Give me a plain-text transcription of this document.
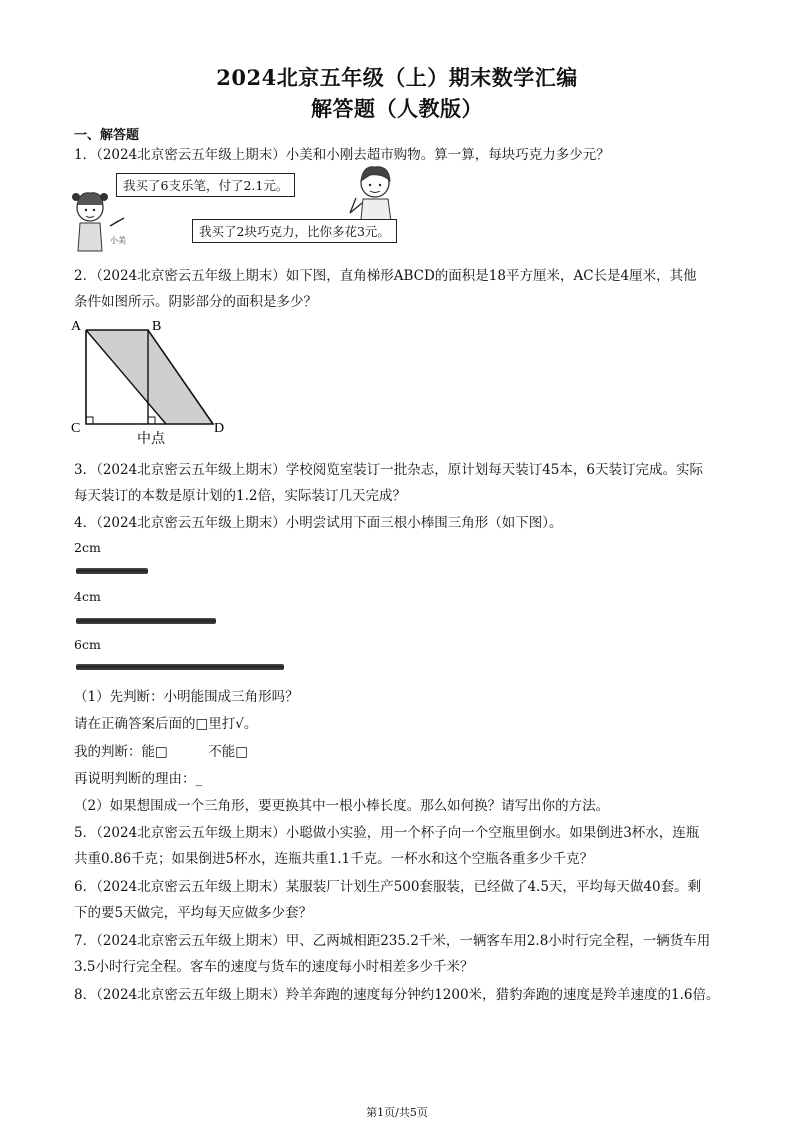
2024北京五年级（上）期末数学汇编
解答题（人教版）
一、解答题
1．（2024北京密云五年级上期末）小美和小刚去超市购物。算一算，每块巧克力多少元？
小美
我买了6支乐笔，付了2.1元。
我买了2块巧克力，比你多花3元。
2．（2024北京密云五年级上期末）如下图，直角梯形ABCD的面积是18平方厘米，AC长是4厘米，其他
条件如图所示。阴影部分的面积是多少？
A	B
C	D
中点
3．（2024北京密云五年级上期末）学校阅览室装订一批杂志，原计划每天装订45本，6天装订完成。实际
每天装订的本数是原计划的1.2倍，实际装订几天完成？
4．（2024北京密云五年级上期末）小明尝试用下面三根小棒围三角形（如下图）。
2cm
4cm
6cm
（1）先判断：小明能围成三角形吗？
请在正确答案后面的□里打√。
我的判断：能□　　　不能□
再说明判断的理由：_
（2）如果想围成一个三角形，要更换其中一根小棒长度。那么如何换？请写出你的方法。
5．（2024北京密云五年级上期末）小聪做小实验，用一个杯子向一个空瓶里倒水。如果倒进3杯水，连瓶
共重0.86千克；如果倒进5杯水，连瓶共重1.1千克。一杯水和这个空瓶各重多少千克？
6．（2024北京密云五年级上期末）某服装厂计划生产500套服装，已经做了4.5天，平均每天做40套。剩
下的要5天做完，平均每天应做多少套？
7．（2024北京密云五年级上期末）甲、乙两城相距235.2千米，一辆客车用2.8小时行完全程，一辆货车用
3.5小时行完全程。客车的速度与货车的速度每小时相差多少千米？
8．（2024北京密云五年级上期末）羚羊奔跑的速度每分钟约1200米，猎豹奔跑的速度是羚羊速度的1.6倍。
第1页/共5页
